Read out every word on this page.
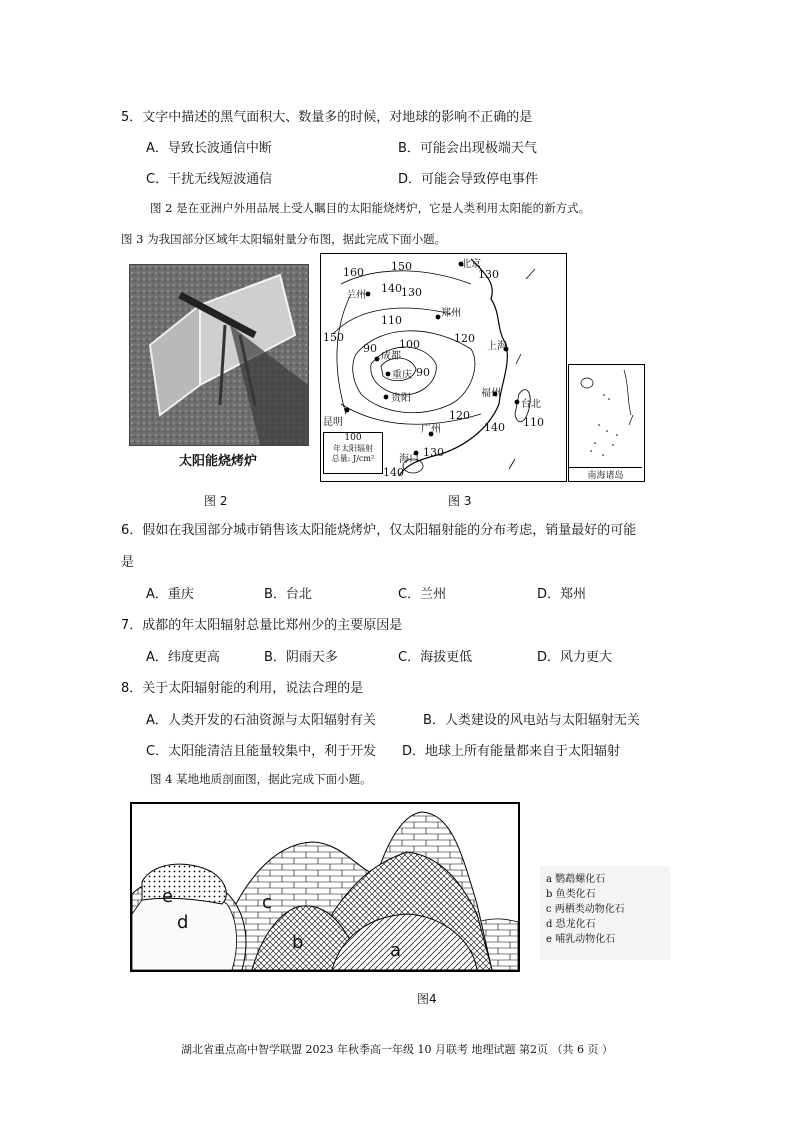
5．文字中描述的黑气面积大、数量多的时候，对地球的影响不正确的是
A．导致长波通信中断	B．可能会出现极端天气
C．干扰无线短波通信	D．可能会导致停电事件
图 2 是在亚洲户外用品展上受人瞩目的太阳能烧烤炉，它是人类利用太阳能的新方式。
图 3 为我国部分区域年太阳辐射量分布图，据此完成下面小题。
太阳能烧烤炉
图 2
北京
兰州
郑州
上海
成都
重庆
贵阳	福州
台北
昆明
广州
海口
160 150
130
140 130
110
100
90
120
90
150
120
140 110
130
140
100
年太阳辐射
总量: J/cm²
南海诸岛
图 3
6．假如在我国部分城市销售该太阳能烧烤炉，仅太阳辐射能的分布考虑，销量最好的可能
是
A．重庆	B．台北	C．兰州	D．郑州
7．成都的年太阳辐射总量比郑州少的主要原因是
A．纬度更高	B．阴雨天多	C．海拔更低	D．风力更大
8．关于太阳辐射能的利用，说法合理的是
A．人类开发的石油资源与太阳辐射有关	B．人类建设的风电站与太阳辐射无关
C．太阳能清洁且能量较集中，利于开发 D．地球上所有能量都来自于太阳辐射
图 4 某地地质剖面图，据此完成下面小题。
e
d
c
b	a
a 鹦鹉螺化石
b 鱼类化石
c 两栖类动物化石
d 恐龙化石
e 哺乳动物化石
图4
湖北省重点高中智学联盟 2023 年秋季高一年级 10 月联考 地理试题 第2页 （共 6 页 ）
